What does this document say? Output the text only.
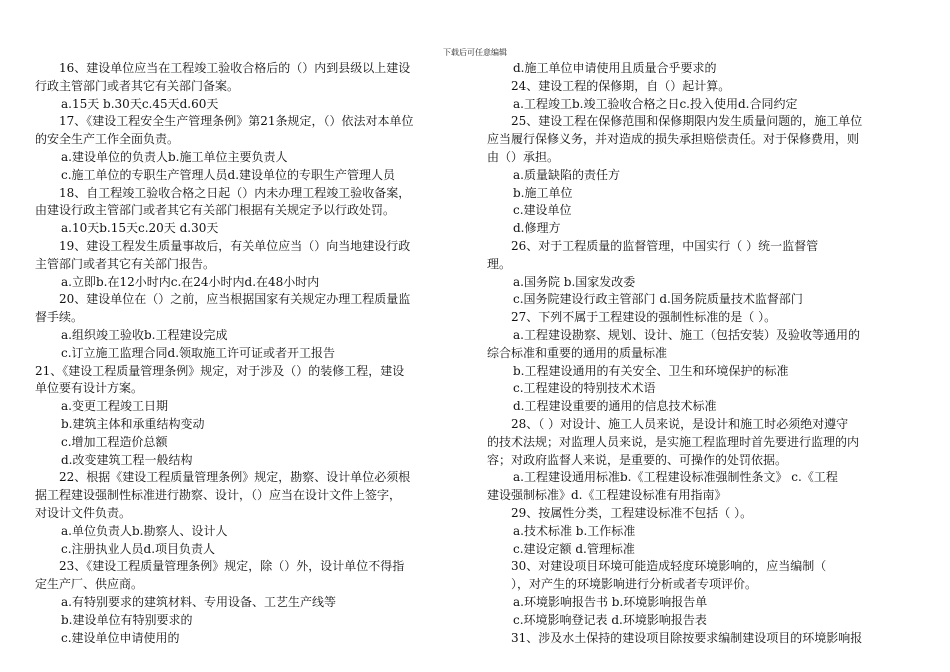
下载后可任意编辑
16、建设单位应当在工程竣工验收合格后的（）内到县级以上建设
行政主管部门或者其它有关部门备案。
a.15天 b.30天c.45天d.60天
17、《建设工程安全生产管理条例》第21条规定，（）依法对本单位
的安全生产工作全面负责。
a.建设单位的负责人b.施工单位主要负责人
c.施工单位的专职生产管理人员d.建设单位的专职生产管理人员
18、自工程竣工验收合格之日起（）内未办理工程竣工验收备案，
由建设行政主管部门或者其它有关部门根据有关规定予以行政处罚。
a.10天b.15天c.20天 d.30天
19、建设工程发生质量事故后，有关单位应当（）向当地建设行政
主管部门或者其它有关部门报告。
a.立即b.在12小时内c.在24小时内d.在48小时内
20、建设单位在（）之前，应当根据国家有关规定办理工程质量监
督手续。
a.组织竣工验收b.工程建设完成
c.订立施工监理合同d.领取施工许可证或者开工报告
21、《建设工程质量管理条例》规定，对于涉及（）的装修工程，建设
单位要有设计方案。
a.变更工程竣工日期
b.建筑主体和承重结构变动
c.增加工程造价总额
d.改变建筑工程一般结构
22、根据《建设工程质量管理条例》规定，勘察、设计单位必须根
据工程建设强制性标准进行勘察、设计，（）应当在设计文件上签字，
对设计文件负责。
a.单位负责人b.勘察人、设计人
c.注册执业人员d.项目负责人
23、《建设工程质量管理条例》规定，除（）外，设计单位不得指
定生产厂、供应商。
a.有特别要求的建筑材料、专用设备、工艺生产线等
b.建设单位有特别要求的
c.建设单位申请使用的
d.施工单位申请使用且质量合乎要求的
24、建设工程的保修期，自（）起计算。
a.工程竣工b.竣工验收合格之日c.投入使用d.合同约定
25、建设工程在保修范围和保修期限内发生质量问题的，施工单位
应当履行保修义务，并对造成的损失承担赔偿责任。对于保修费用，则
由（）承担。
a.质量缺陷的责任方
b.施工单位
c.建设单位
d.修理方
26、对于工程质量的监督管理，中国实行（ ）统一监督管
理。
a.国务院 b.国家发改委
c.国务院建设行政主管部门 d.国务院质量技术监督部门
27、下列不属于工程建设的强制性标准的是（ ）。
a.工程建设勘察、规划、设计、施工（包括安装）及验收等通用的
综合标准和重要的通用的质量标准
b.工程建设通用的有关安全、卫生和环境保护的标准
c.工程建设的特别技术术语
d.工程建设重要的通用的信息技术标准
28、（ ）对设计、施工人员来说，是设计和施工时必须绝对遵守
的技术法规；对监理人员来说，是实施工程监理时首先要进行监理的内
容；对政府监督人来说，是重要的、可操作的处罚依据。
a.工程建设通用标准b.《工程建设标准强制性条文》 c.《工程
建设强制标准》d.《工程建设标准有用指南》
29、按属性分类，工程建设标准不包括（ ）。
a.技术标准 b.工作标准
c.建设定额 d.管理标准
30、对建设项目环境可能造成轻度环境影响的，应当编制（
），对产生的环境影响进行分析或者专项评价。
a.环境影响报告书 b.环境影响报告单
c.环境影响登记表 d.环境影响报告表
31、涉及水土保持的建设项目除按要求编制建设项目的环境影响报
